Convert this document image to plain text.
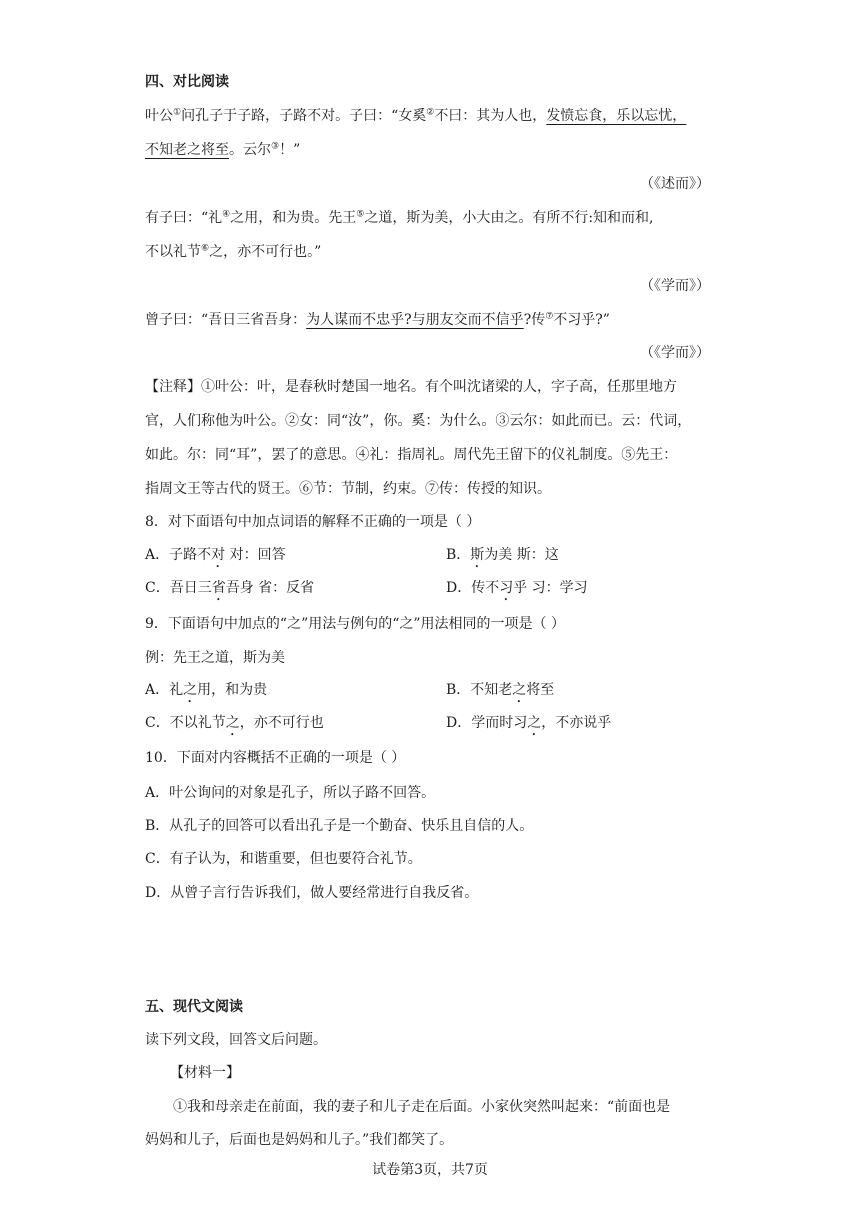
四、对比阅读
叶公①问孔子于子路，子路不对。子曰：“女奚②不曰：其为人也，发愤忘食，乐以忘忧，
不知老之将至。云尔③！”
（《述而》）
有子曰：“礼④之用，和为贵。先王⑤之道，斯为美，小大由之。有所不行:知和而和,
不以礼节⑥之，亦不可行也。”
（《学而》）
曾子曰：“吾日三省吾身：为人谋而不忠乎?与朋友交而不信乎?传⑦不习乎?”
（《学而》）
【注释】①叶公：叶，是春秋时楚国一地名。有个叫沈诸梁的人，字子高，任那里地方
官，人们称他为叶公。②女：同“汝”，你。奚：为什么。③云尔：如此而已。云：代词，
如此。尔：同“耳”，罢了的意思。④礼：指周礼。周代先王留下的仪礼制度。⑤先王：
指周文王等古代的贤王。⑥节：节制，约束。⑦传：传授的知识。
8．对下面语句中加点词语的解释不正确的一项是（ ）
A．子路不对 对：回答	B．斯为美 斯：这
C．吾日三省吾身 省：反省	D．传不习乎 习：学习
9．下面语句中加点的“之”用法与例句的“之”用法相同的一项是（ ）
例：先王之道，斯为美
A．礼之用，和为贵	B．不知老之将至
C．不以礼节之，亦不可行也	D．学而时习之，不亦说乎
10．下面对内容概括不正确的一项是（ ）
A．叶公询问的对象是孔子，所以子路不回答。
B．从孔子的回答可以看出孔子是一个勤奋、快乐且自信的人。
C．有子认为，和谐重要，但也要符合礼节。
D．从曾子言行告诉我们，做人要经常进行自我反省。
五、现代文阅读
读下列文段，回答文后问题。
【材料一】
①我和母亲走在前面，我的妻子和儿子走在后面。小家伙突然叫起来：“前面也是
妈妈和儿子，后面也是妈妈和儿子。”我们都笑了。
试卷第3页，共7页
